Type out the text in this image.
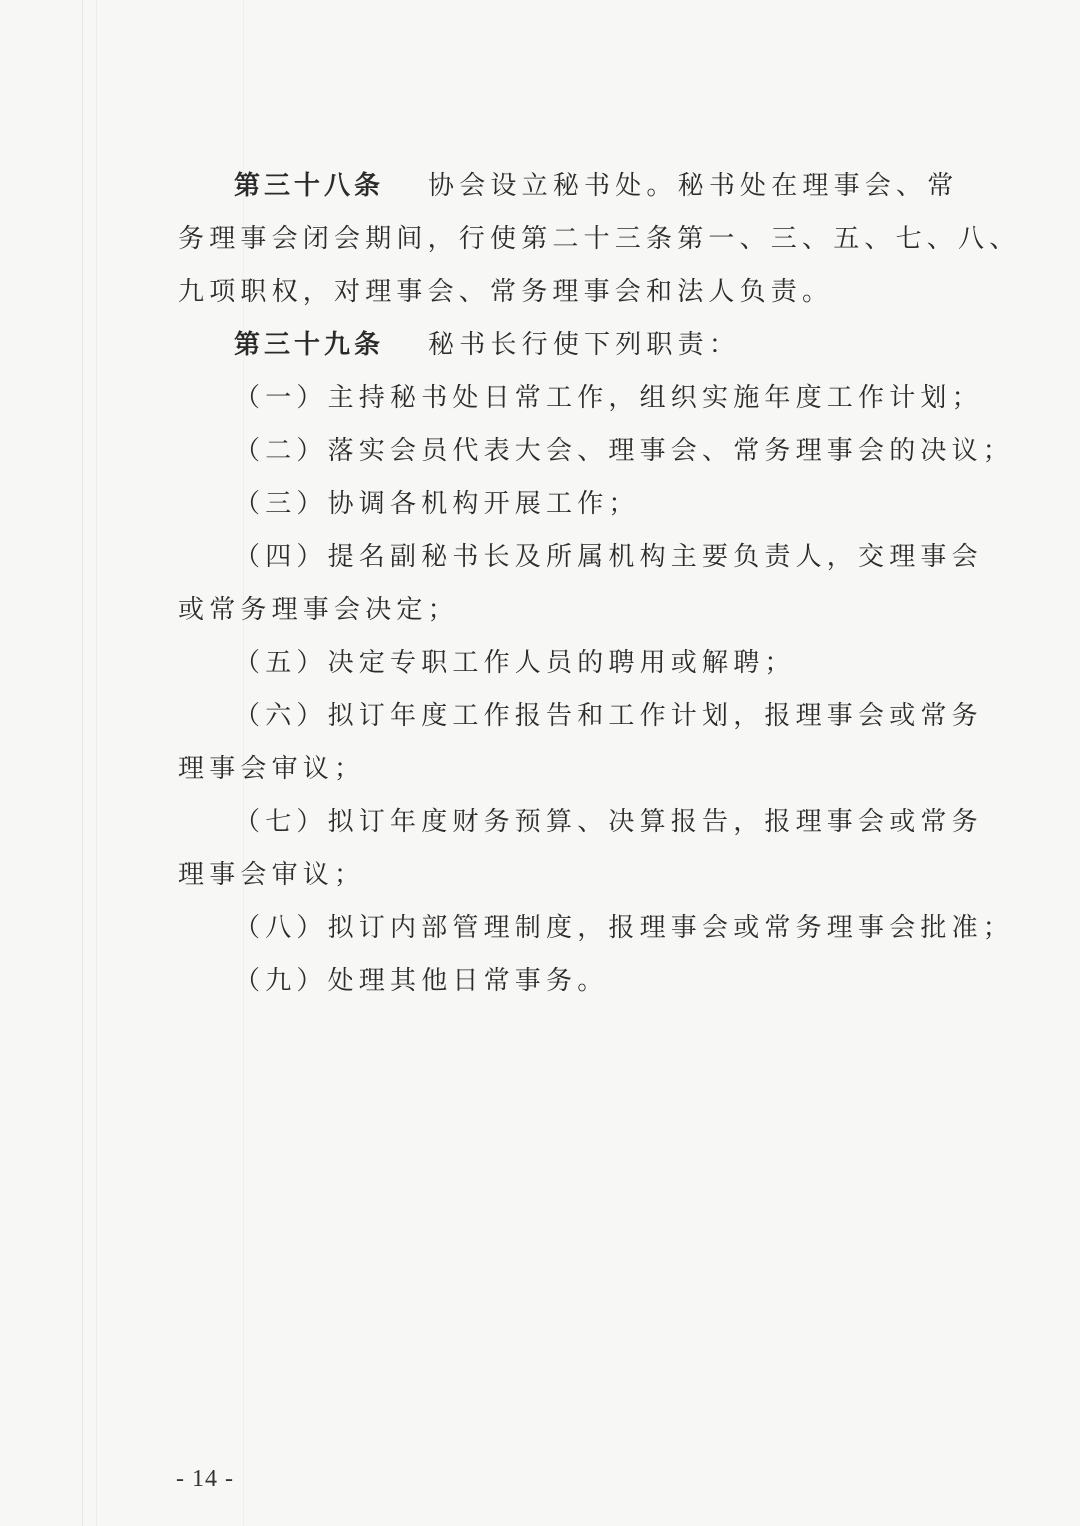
第三十八条 协会设立秘书处。秘书处在理事会、常
务理事会闭会期间，行使第二十三条第一、三、五、七、八、
九项职权，对理事会、常务理事会和法人负责。

第三十九条 秘书长行使下列职责：
（一）主持秘书处日常工作，组织实施年度工作计划；
（二）落实会员代表大会、理事会、常务理事会的决议；
（三）协调各机构开展工作；
（四）提名副秘书长及所属机构主要负责人，交理事会
或常务理事会决定；
（五）决定专职工作人员的聘用或解聘；
（六）拟订年度工作报告和工作计划，报理事会或常务
理事会审议；
（七）拟订年度财务预算、决算报告，报理事会或常务
理事会审议；
（八）拟订内部管理制度，报理事会或常务理事会批准；
（九）处理其他日常事务。

- 14 -
